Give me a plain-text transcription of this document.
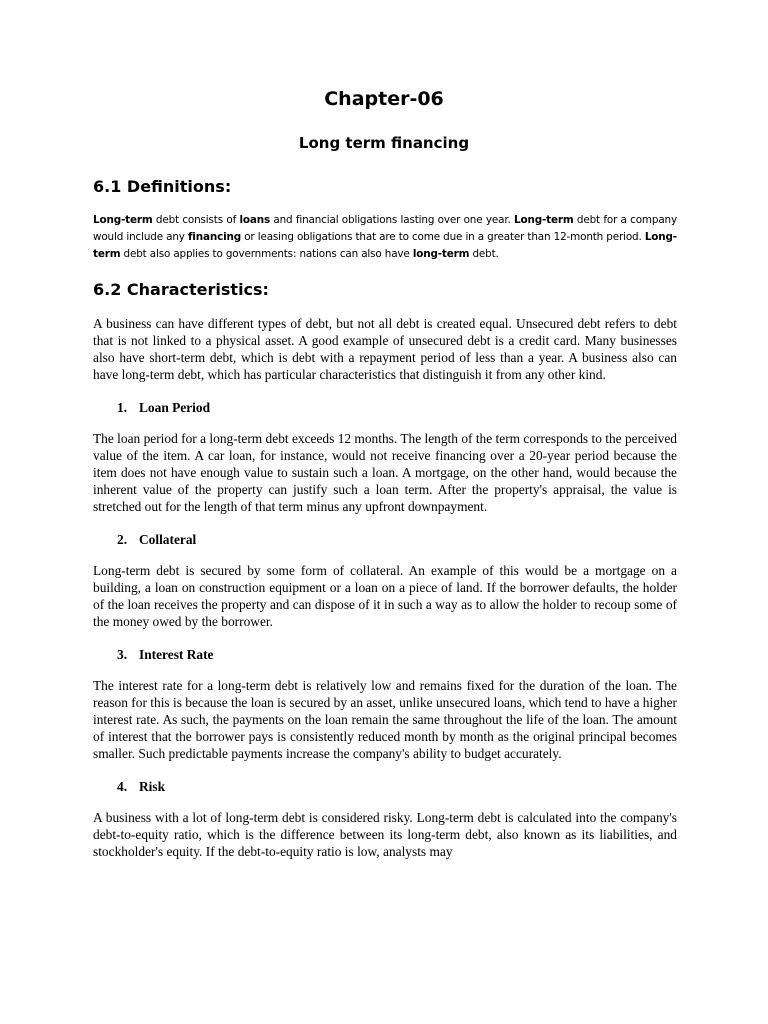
Chapter-06
Long term financing
6.1 Definitions:

Long-term debt consists of loans and financial obligations lasting over one year. Long-term debt for a company would include any financing or leasing obligations that are to come due in a greater than 12-month period. Long-term debt also applies to governments: nations can also have long-term debt.

6.2 Characteristics:

A business can have different types of debt, but not all debt is created equal. Unsecured debt refers to debt that is not linked to a physical asset. A good example of unsecured debt is a credit card. Many businesses also have short-term debt, which is debt with a repayment period of less than a year. A business also can have long-term debt, which has particular characteristics that distinguish it from any other kind.

1. Loan Period

The loan period for a long-term debt exceeds 12 months. The length of the term corresponds to the perceived value of the item. A car loan, for instance, would not receive financing over a 20-year period because the item does not have enough value to sustain such a loan. A mortgage, on the other hand, would because the inherent value of the property can justify such a loan term. After the property's appraisal, the value is stretched out for the length of that term minus any upfront downpayment.

2. Collateral

Long-term debt is secured by some form of collateral. An example of this would be a mortgage on a building, a loan on construction equipment or a loan on a piece of land. If the borrower defaults, the holder of the loan receives the property and can dispose of it in such a way as to allow the holder to recoup some of the money owed by the borrower.

3. Interest Rate

The interest rate for a long-term debt is relatively low and remains fixed for the duration of the loan. The reason for this is because the loan is secured by an asset, unlike unsecured loans, which tend to have a higher interest rate. As such, the payments on the loan remain the same throughout the life of the loan. The amount of interest that the borrower pays is consistently reduced month by month as the original principal becomes smaller. Such predictable payments increase the company's ability to budget accurately.

4. Risk

A business with a lot of long-term debt is considered risky. Long-term debt is calculated into the company's debt-to-equity ratio, which is the difference between its long-term debt, also known as its liabilities, and stockholder's equity. If the debt-to-equity ratio is low, analysts may
